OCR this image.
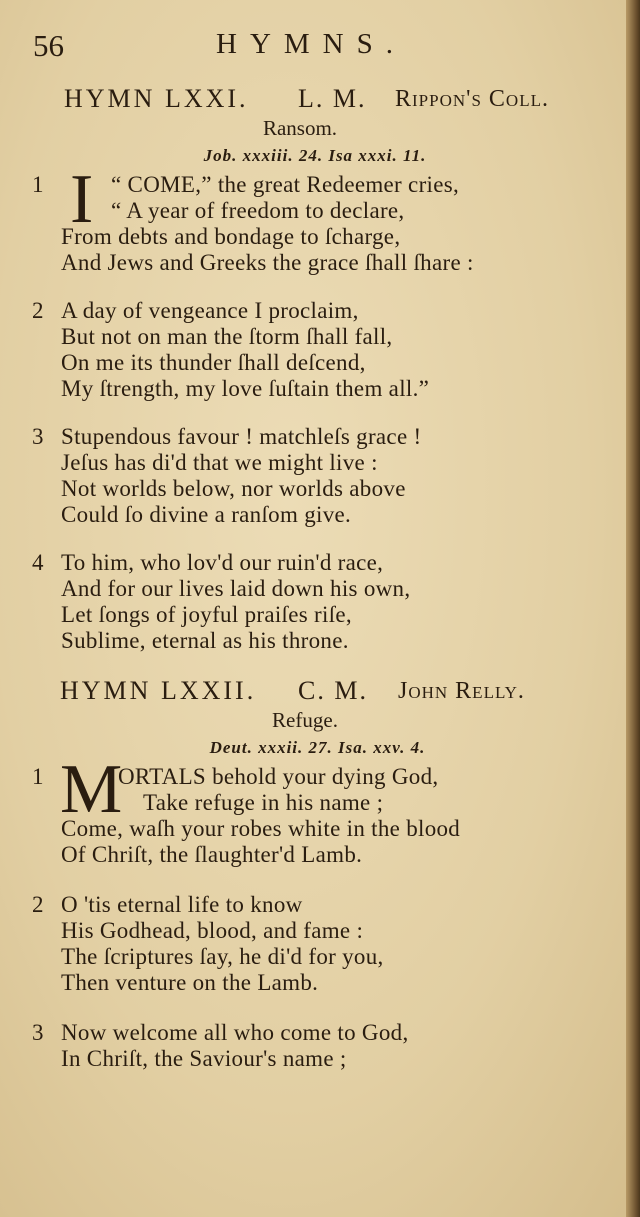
56	HYMNS.
HYMN LXXI. L. M. Rippon's Coll.
Ransom.
Job. xxxiii. 24. Isa xxxi. 11.
1 I “ COME,” the great Redeemer cries,
“ A year of freedom to declare,
From debts and bondage to ſcharge,
And Jews and Greeks the grace ſhall ſhare :
2 A day of vengeance I proclaim,
But not on man the ſtorm ſhall fall,
On me its thunder ſhall deſcend,
My ſtrength, my love ſuſtain them all.”
3 Stupendous favour ! matchleſs grace !
Jeſus has di'd that we might live :
Not worlds below, nor worlds above
Could ſo divine a ranſom give.
4 To him, who lov'd our ruin'd race,
And for our lives laid down his own,
Let ſongs of joyful praiſes riſe,
Sublime, eternal as his throne.
HYMN LXXII. C. M. John Relly.
Refuge.
Deut. xxxii. 27. Isa. xxv. 4.
1 M
ORTALS behold your dying God,
Take refuge in his name ;
Come, waſh your robes white in the blood
Of Chriſt, the ſlaughter'd Lamb.
2 O 'tis eternal life to know
His Godhead, blood, and fame :
The ſcriptures ſay, he di'd for you,
Then venture on the Lamb.
3 Now welcome all who come to God,
In Chriſt, the Saviour's name ;
